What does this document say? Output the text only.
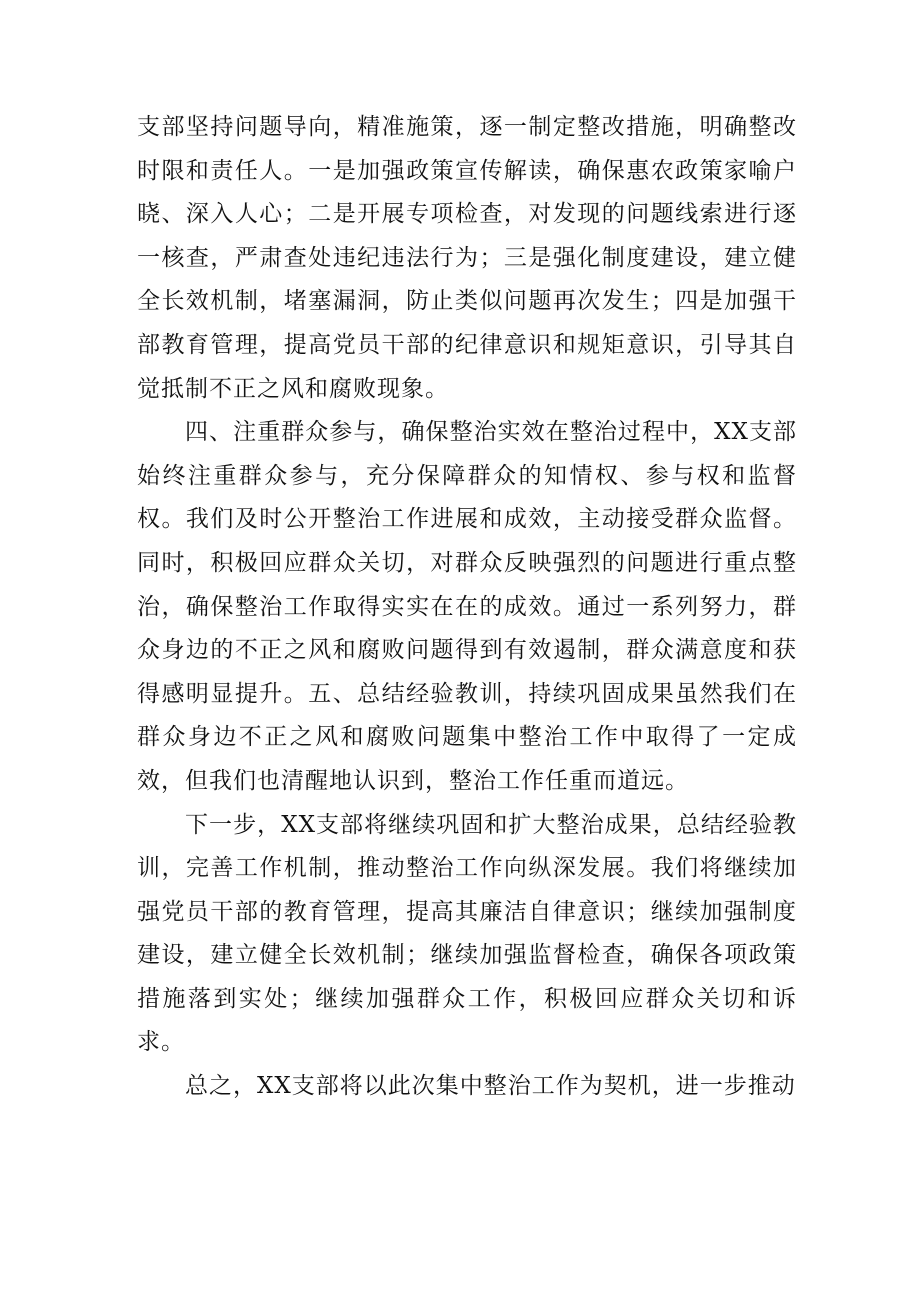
支部坚持问题导向，精准施策，逐一制定整改措施，明确整改时限和责任人。一是加强政策宣传解读，确保惠农政策家喻户晓、深入人心；二是开展专项检查，对发现的问题线索进行逐一核查，严肃查处违纪违法行为；三是强化制度建设，建立健全长效机制，堵塞漏洞，防止类似问题再次发生；四是加强干部教育管理，提高党员干部的纪律意识和规矩意识，引导其自觉抵制不正之风和腐败现象。

四、注重群众参与，确保整治实效在整治过程中，XX支部始终注重群众参与，充分保障群众的知情权、参与权和监督权。我们及时公开整治工作进展和成效，主动接受群众监督。同时，积极回应群众关切，对群众反映强烈的问题进行重点整治，确保整治工作取得实实在在的成效。通过一系列努力，群众身边的不正之风和腐败问题得到有效遏制，群众满意度和获得感明显提升。五、总结经验教训，持续巩固成果虽然我们在群众身边不正之风和腐败问题集中整治工作中取得了一定成效，但我们也清醒地认识到，整治工作任重而道远。

下一步，XX支部将继续巩固和扩大整治成果，总结经验教训，完善工作机制，推动整治工作向纵深发展。我们将继续加强党员干部的教育管理，提高其廉洁自律意识；继续加强制度建设，建立健全长效机制；继续加强监督检查，确保各项政策措施落到实处；继续加强群众工作，积极回应群众关切和诉求。

总之，XX支部将以此次集中整治工作为契机，进一步推动
